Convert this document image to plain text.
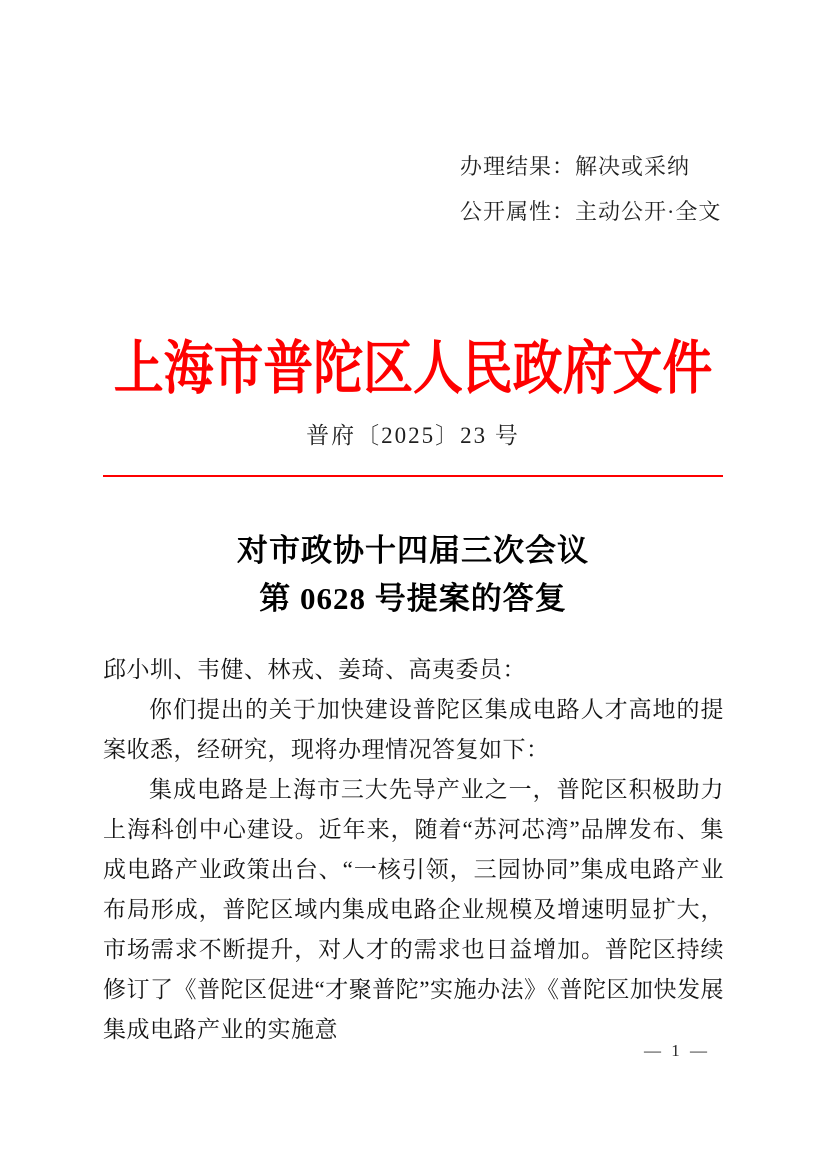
办理结果：解决或采纳
公开属性：主动公开·全文
上海市普陀区人民政府文件
普府〔2025〕23 号
对市政协十四届三次会议
第 0628 号提案的答复

邱小圳、韦健、林戎、姜琦、高夷委员：

你们提出的关于加快建设普陀区集成电路人才高地的提案收悉，经研究，现将办理情况答复如下：

集成电路是上海市三大先导产业之一，普陀区积极助力上海科创中心建设。近年来，随着“苏河芯湾”品牌发布、集成电路产业政策出台、“一核引领，三园协同”集成电路产业布局形成，普陀区域内集成电路企业规模及增速明显扩大，市场需求不断提升，对人才的需求也日益增加。普陀区持续修订了《普陀区促进“才聚普陀”实施办法》《普陀区加快发展集成电路产业的实施意

— 1 —
